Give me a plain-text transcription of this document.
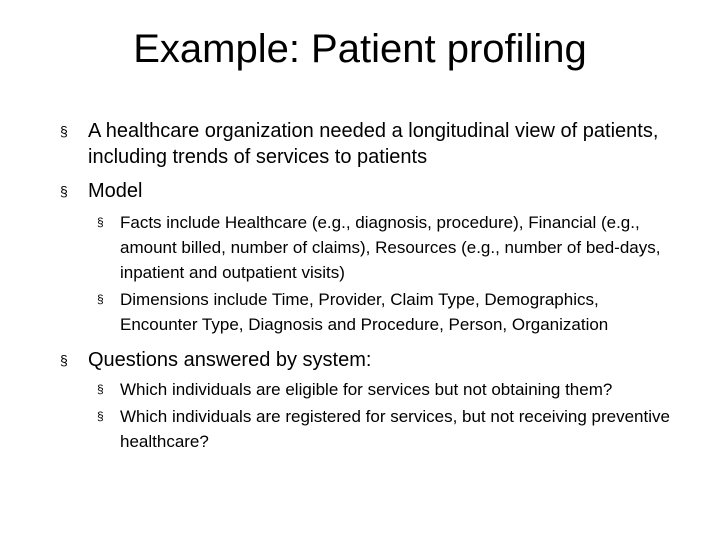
Example: Patient profiling
§ A healthcare organization needed a longitudinal view of patients, including trends of services to patients
§ Model
§ Facts include Healthcare (e.g., diagnosis, procedure), Financial (e.g., amount billed, number of claims), Resources (e.g., number of bed-days, inpatient and outpatient visits)
§ Dimensions include Time, Provider, Claim Type, Demographics, Encounter Type, Diagnosis and Procedure, Person, Organization
§ Questions answered by system:
§ Which individuals are eligible for services but not obtaining them?
§ Which individuals are registered for services, but not receiving preventive healthcare?
